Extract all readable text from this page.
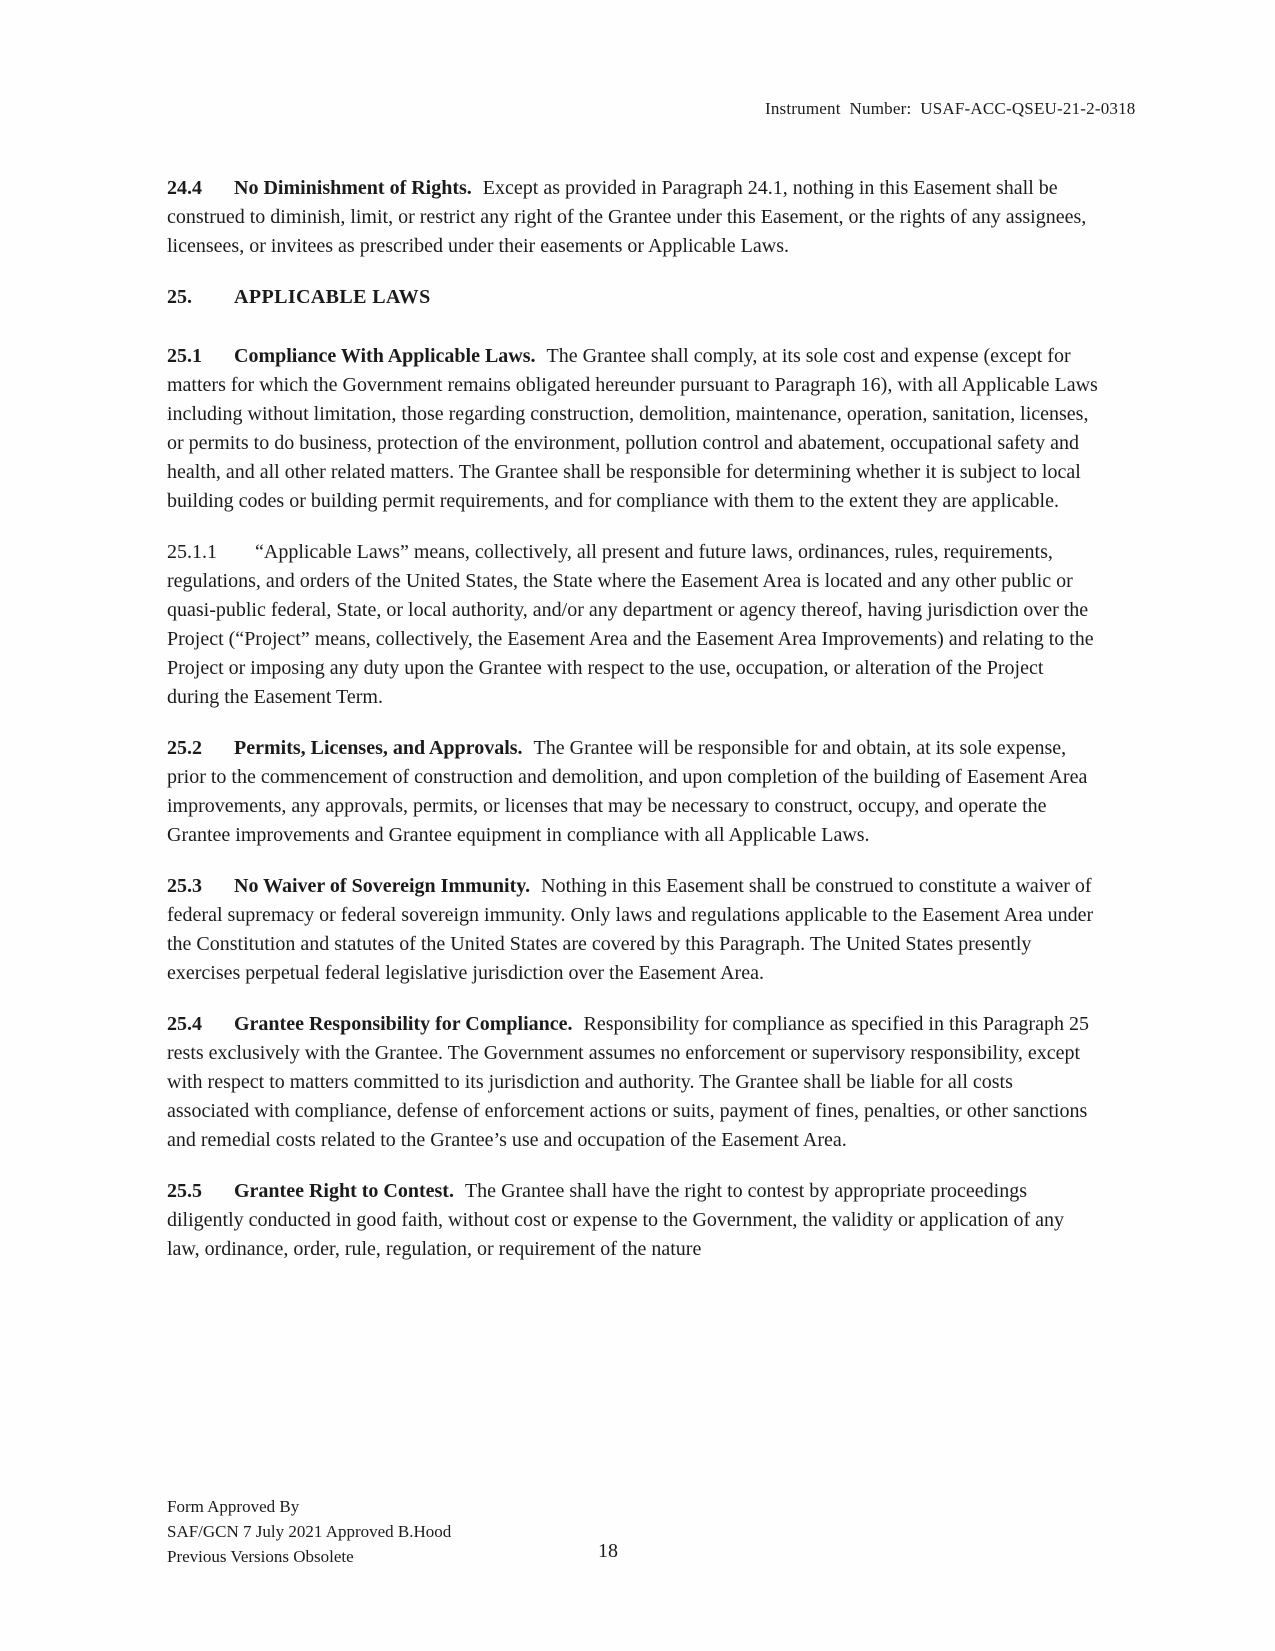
Instrument  Number:  USAF-ACC-QSEU-21-2-0318

24.4 No Diminishment of Rights. Except as provided in Paragraph 24.1, nothing in this Easement shall be construed to diminish, limit, or restrict any right of the Grantee under this Easement, or the rights of any assignees, licensees, or invitees as prescribed under their easements or Applicable Laws.

25. APPLICABLE LAWS

25.1 Compliance With Applicable Laws. The Grantee shall comply, at its sole cost and expense (except for matters for which the Government remains obligated hereunder pursuant to Paragraph 16), with all Applicable Laws including without limitation, those regarding construction, demolition, maintenance, operation, sanitation, licenses, or permits to do business, protection of the environment, pollution control and abatement, occupational safety and health, and all other related matters. The Grantee shall be responsible for determining whether it is subject to local building codes or building permit requirements, and for compliance with them to the extent they are applicable.

25.1.1 “Applicable Laws” means, collectively, all present and future laws, ordinances, rules, requirements, regulations, and orders of the United States, the State where the Easement Area is located and any other public or quasi-public federal, State, or local authority, and/or any department or agency thereof, having jurisdiction over the Project (“Project” means, collectively, the Easement Area and the Easement Area Improvements) and relating to the Project or imposing any duty upon the Grantee with respect to the use, occupation, or alteration of the Project during the Easement Term.

25.2 Permits, Licenses, and Approvals. The Grantee will be responsible for and obtain, at its sole expense, prior to the commencement of construction and demolition, and upon completion of the building of Easement Area improvements, any approvals, permits, or licenses that may be necessary to construct, occupy, and operate the Grantee improvements and Grantee equipment in compliance with all Applicable Laws.

25.3 No Waiver of Sovereign Immunity. Nothing in this Easement shall be construed to constitute a waiver of federal supremacy or federal sovereign immunity. Only laws and regulations applicable to the Easement Area under the Constitution and statutes of the United States are covered by this Paragraph. The United States presently exercises perpetual federal legislative jurisdiction over the Easement Area.

25.4 Grantee Responsibility for Compliance. Responsibility for compliance as specified in this Paragraph 25 rests exclusively with the Grantee. The Government assumes no enforcement or supervisory responsibility, except with respect to matters committed to its jurisdiction and authority. The Grantee shall be liable for all costs associated with compliance, defense of enforcement actions or suits, payment of fines, penalties, or other sanctions and remedial costs related to the Grantee’s use and occupation of the Easement Area.

25.5 Grantee Right to Contest. The Grantee shall have the right to contest by appropriate proceedings diligently conducted in good faith, without cost or expense to the Government, the validity or application of any law, ordinance, order, rule, regulation, or requirement of the nature

Form Approved By
SAF/GCN 7 July 2021 Approved B.Hood
Previous Versions Obsolete	18
